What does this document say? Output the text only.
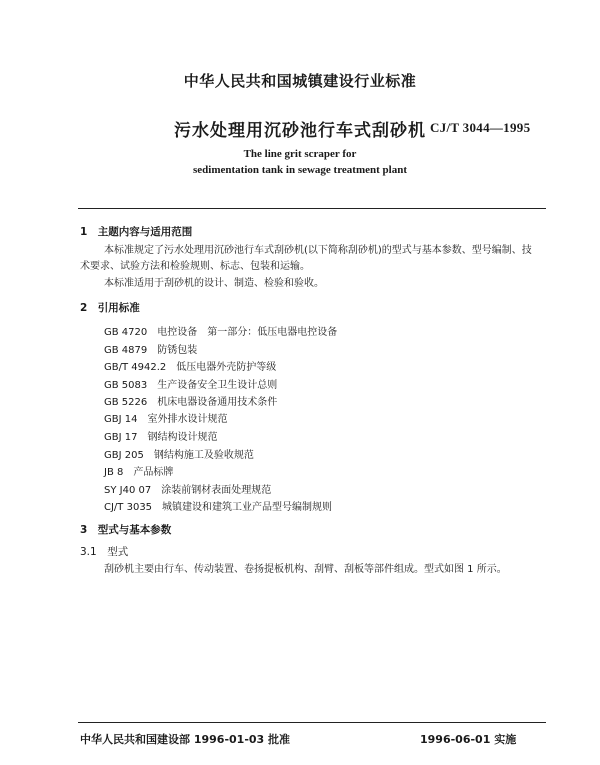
中华人民共和国城镇建设行业标准
污水处理用沉砂池行车式刮砂机 CJ/T 3044—1995
The line grit scraper for
sedimentation tank in sewage treatment plant
1　主题内容与适用范围
本标准规定了污水处理用沉砂池行车式刮砂机(以下简称刮砂机)的型式与基本参数、型号编制、技
术要求、试验方法和检验规则、标志、包装和运输。
本标准适用于刮砂机的设计、制造、检验和验收。
2　引用标准
GB 4720　电控设备　第一部分：低压电器电控设备
GB 4879　防锈包装
GB/T 4942.2　低压电器外壳防护等级
GB 5083　生产设备安全卫生设计总则
GB 5226　机床电器设备通用技术条件
GBJ 14　室外排水设计规范
GBJ 17　钢结构设计规范
GBJ 205　钢结构施工及验收规范
JB 8　产品标牌
SY J40 07　涂装前钢材表面处理规范
CJ/T 3035　城镇建设和建筑工业产品型号编制规则
3　型式与基本参数
3.1　型式
刮砂机主要由行车、传动装置、卷扬提板机构、刮臂、刮板等部件组成。型式如图 1 所示。
中华人民共和国建设部 1996-01-03 批准	1996-06-01 实施
